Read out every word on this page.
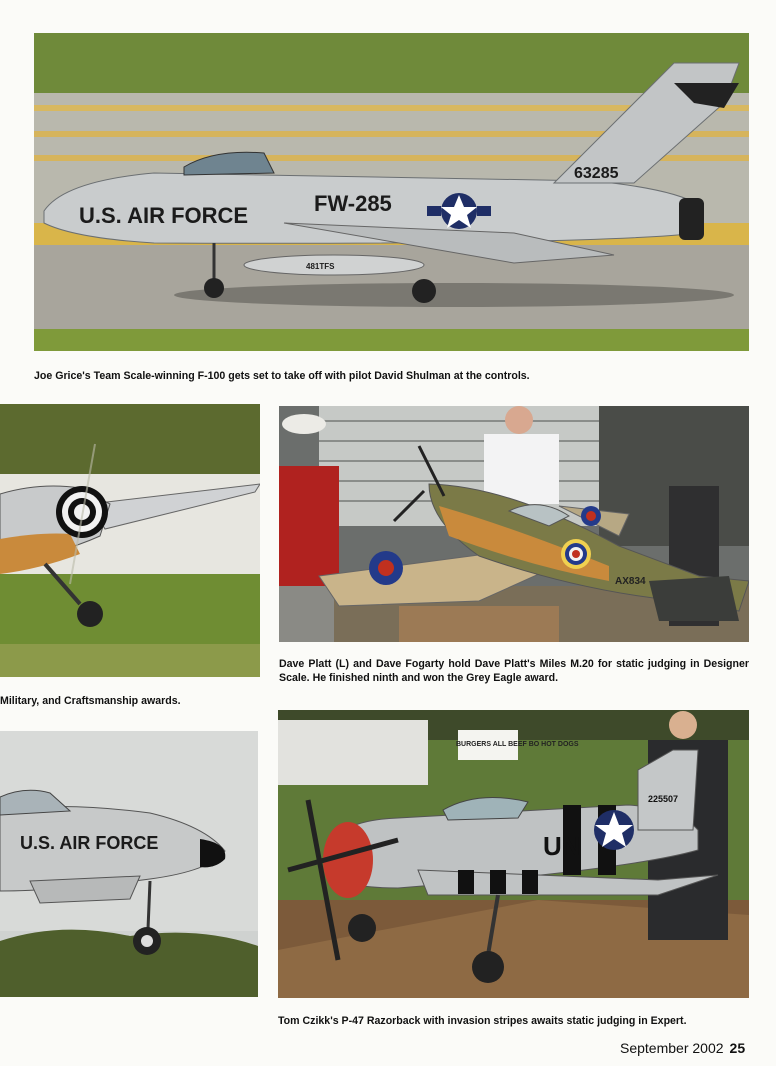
U.S. AIR FORCE	FW-285
63285
481TFS
Joe Grice's Team Scale-winning F-100 gets set to take off with pilot David Shulman at the controls.
AX834
Dave Platt (L) and Dave Fogarty hold Dave Platt's Miles M.20 for static judging in Designer Scale. He finished ninth and won the Grey Eagle award.
Military, and Craftsmanship awards.
U.S. AIR FORCE	UN
225507
BURGERS ALL BEEF BO HOT DOGS
Tom Czikk's P-47 Razorback with invasion stripes awaits static judging in Expert.
September 2002 25
